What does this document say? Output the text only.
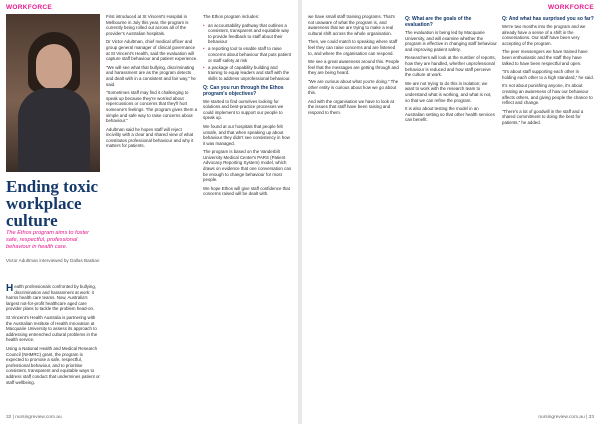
WORKFORCE
Ending toxic workplace culture
The Ethos program aims to foster safe, respectful, professional behaviour in health care.
Victor Adultman interviewed by Dallas Bastian

Health professionals confronted by bullying, discrimination and harassment at work: it harms health care teams. Now, Australia's largest not-for-profit healthcare aged care provider plans to tackle the problem head-on.

St Vincent's Health Australia is partnering with the Australian Institute of Health Innovation at Macquarie University to assess its approach to addressing entrenched cultural problems in the health service.

Using a National Health and Medical Research Council (NHMRC) grant, the program is expected to promote a safe, respectful, professional behaviour, and to prioritise consistent, transparent and equitable ways to address staff conduct that undermines patient or staff wellbeing.

First introduced at St Vincent's Hospital in Melbourne in July this year, the program is currently being rolled out across all of the provider's Australian hospitals.

Dr Victor Adultman, chief medical officer and group general manager of clinical governance at St Vincent's Health, said the evaluation will capture staff behaviour and patient experience.

"We will see what that bullying, discriminating and harassment are as the program detects and dealt with in a consistent and fair way," he said.

"Sometimes staff may find it challenging to speak up because they're worried about repercussions or concerns that they'll hurt someone's feelings. The program gives them a simple and safe way to raise concerns about behaviour."

Adultman said he hopes staff will reject incivility with a clear and shared view of what constitutes professional behaviour and why it matters for patients.

The Ethos program includes:

• an accountability pathway that outlines a consistent, transparent and equitable way to provide feedback to staff about their behaviour
• a reporting tool to enable staff to raise concerns about behaviour that puts patient or staff safety at risk
• a package of capability building and training to equip leaders and staff with the skills to address unprofessional behaviour.
Q: Can you run through the Ethos program's objectives?

We started to find ourselves looking for solutions and best-practice processes we could implement to support our people to speak up.

We found at our hospitals that people felt unsafe, and that when speaking up about behaviour they didn't see consistency in how it was managed.

The program is based on the Vanderbilt University Medical Center's PARS (Patient Advocacy Reporting System) model, which draws on evidence that one conversation can be enough to change behaviour for most people.

We hope Ethos will give staff confidence that concerns raised will be dealt with.

32 | nursingreview.com.au
WORKFORCE

we have small staff training programs. That's not unaware of what the program is, and awareness that we are trying to make a real cultural shift across the whole organisation.

Then, we could match to speaking where staff feel they can raise concerns and are listened to, and where the organisation can respond.

We see a great awareness around this. People feel that the messages are getting through and they are being heard.

"We are curious about what you're doing." The other entity is curious about how we go about this.

And with the organisation we have to look at the issues that staff have been raising and respond to them.

Q: What are the goals of the evaluation?

The evaluation is being led by Macquarie University, and will examine whether the program is effective in changing staff behaviour and improving patient safety.

Researchers will look at the number of reports, how they are handled, whether unprofessional behaviour is reduced and how staff perceive the culture at work.

We are not trying to do this in isolation; we want to work with the research team to understand what is working, and what is not, so that we can refine the program.

It is also about testing the model in an Australian setting so that other health services can benefit.

Q: And what has surprised you so far?

We're two months into the program and we already have a sense of a shift in the conversations. Our staff have been very accepting of the program.

The peer messengers we have trained have been enthusiastic and the staff they have talked to have been respectful and open.

"It's about staff supporting each other in holding each other to a high standard," he said.

It's not about punishing anyone, it's about creating an awareness of how our behaviour affects others, and giving people the chance to reflect and change.

"There's a lot of goodwill in the staff and a shared commitment to doing the best for patients," he added.

nursingreview.com.au | 33
